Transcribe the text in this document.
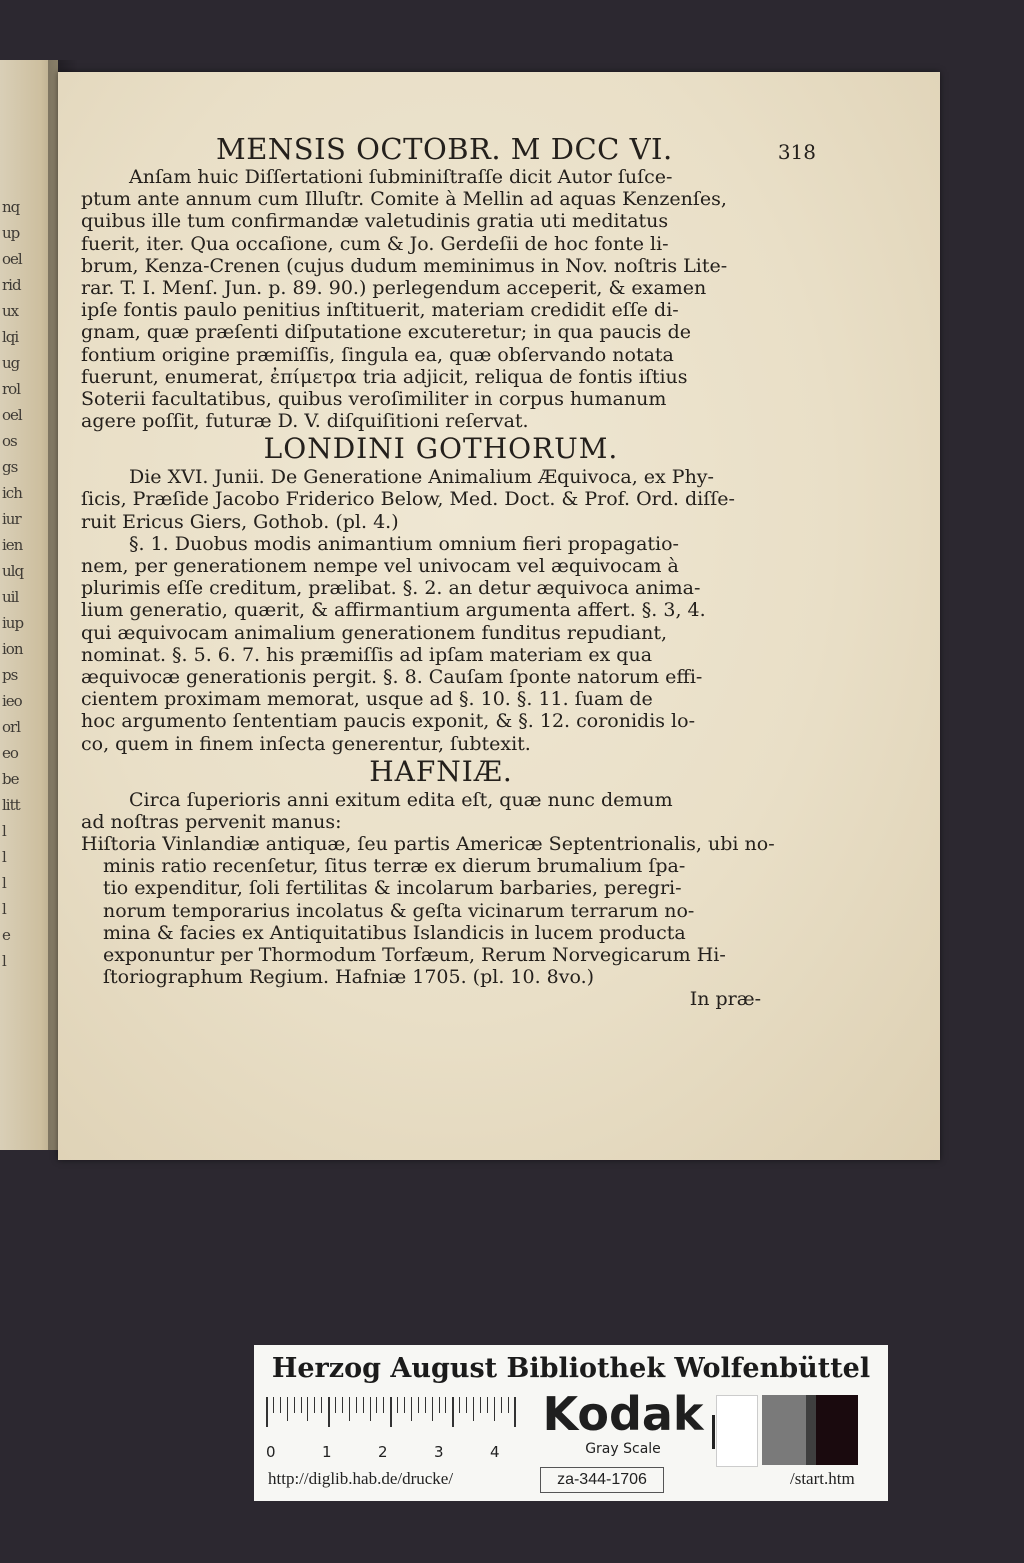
nq
up
oel
rid
ux
lqi
ug
rol
oel
os
gs
ich
iur
ien
ulq
uil
iup
ion
ps
ieo
orl
eo
be
litt
l
l
l
l
e
l
MENSIS OCTOBR. M DCC VI.	318
Anſam huic Diſſertationi ſubminiſtraſſe dicit Autor ſuſce-
ptum ante annum cum Illuſtr. Comite à Mellin ad aquas Kenzenſes,
quibus ille tum confirmandæ valetudinis gratia uti meditatus
fuerit, iter. Qua occaſione, cum & Jo. Gerdeſii de hoc fonte li-
brum, Kenza-Crenen (cujus dudum meminimus in Nov. noſtris Lite-
rar. T. I. Menſ. Jun. p. 89. 90.) perlegendum acceperit, & examen
ipſe fontis paulo penitius inſtituerit, materiam credidit eſſe di-
gnam, quæ præſenti diſputatione excuteretur; in qua paucis de
fontium origine præmiſſis, ſingula ea, quæ obſervando notata
fuerunt, enumerat, ἐπίμετρα tria adjicit, reliqua de fontis iſtius
Soterii facultatibus, quibus veroſimiliter in corpus humanum
agere poſſit, futuræ D. V. diſquiſitioni reſervat.
LONDINI GOTHORUM.
Die XVI. Junii. De Generatione Animalium Æquivoca, ex Phy-
ſicis, Præſide Jacobo Friderico Below, Med. Doct. & Prof. Ord. diſſe-
ruit Ericus Giers, Gothob. (pl. 4.)
§. 1. Duobus modis animantium omnium fieri propagatio-
nem, per generationem nempe vel univocam vel æquivocam à
plurimis eſſe creditum, prælibat. §. 2. an detur æquivoca anima-
lium generatio, quærit, & affirmantium argumenta affert. §. 3, 4.
qui æquivocam animalium generationem funditus repudiant,
nominat. §. 5. 6. 7. his præmiſſis ad ipſam materiam ex qua
æquivocæ generationis pergit. §. 8. Cauſam ſponte natorum effi-
cientem proximam memorat, usque ad §. 10. §. 11. ſuam de
hoc argumento ſententiam paucis exponit, & §. 12. coronidis lo-
co, quem in finem inſecta generentur, ſubtexit.
HAFNIÆ.
Circa ſuperioris anni exitum edita eſt, quæ nunc demum
ad noſtras pervenit manus:
Hiſtoria Vinlandiæ antiquæ, ſeu partis Americæ Septentrionalis, ubi no-
minis ratio recenſetur, ſitus terræ ex dierum brumalium ſpa-
tio expenditur, ſoli fertilitas & incolarum barbaries, peregri-
norum temporarius incolatus & geſta vicinarum terrarum no-
mina & facies ex Antiquitatibus Islandicis in lucem producta
exponuntur per Thormodum Torfæum, Rerum Norvegicarum Hi-
ſtoriographum Regium. Hafniæ 1705. (pl. 10. 8vo.)
In præ-
Herzog August Bibliothek Wolfenbüttel
0	1	2	3	4
Kodak
Gray Scale
http://diglib.hab.de/drucke/	za-344-1706	/start.htm
